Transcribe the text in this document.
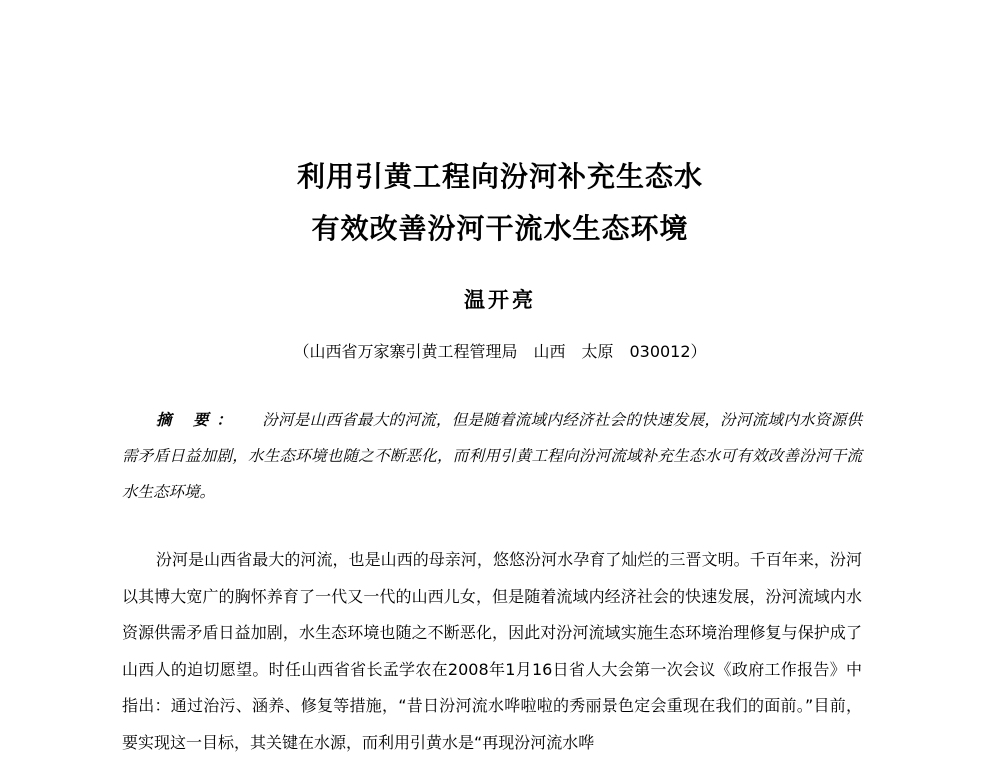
利用引黄工程向汾河补充生态水
有效改善汾河干流水生态环境
温开亮
（山西省万家寨引黄工程管理局　山西　太原　030012）
摘 要： 汾河是山西省最大的河流，但是随着流域内经济社会的快速发展，汾河流域内水资源供需矛盾日益加剧，水生态环境也随之不断恶化，而利用引黄工程向汾河流域补充生态水可有效改善汾河干流水生态环境。

汾河是山西省最大的河流，也是山西的母亲河，悠悠汾河水孕育了灿烂的三晋文明。千百年来，汾河以其博大宽广的胸怀养育了一代又一代的山西儿女，但是随着流域内经济社会的快速发展，汾河流域内水资源供需矛盾日益加剧，水生态环境也随之不断恶化，因此对汾河流域实施生态环境治理修复与保护成了山西人的迫切愿望。时任山西省省长孟学农在2008年1月16日省人大会第一次会议《政府工作报告》中指出：通过治污、涵养、修复等措施，“昔日汾河流水哗啦啦的秀丽景色定会重现在我们的面前。”目前，要实现这一目标，其关键在水源，而利用引黄水是“再现汾河流水哗
